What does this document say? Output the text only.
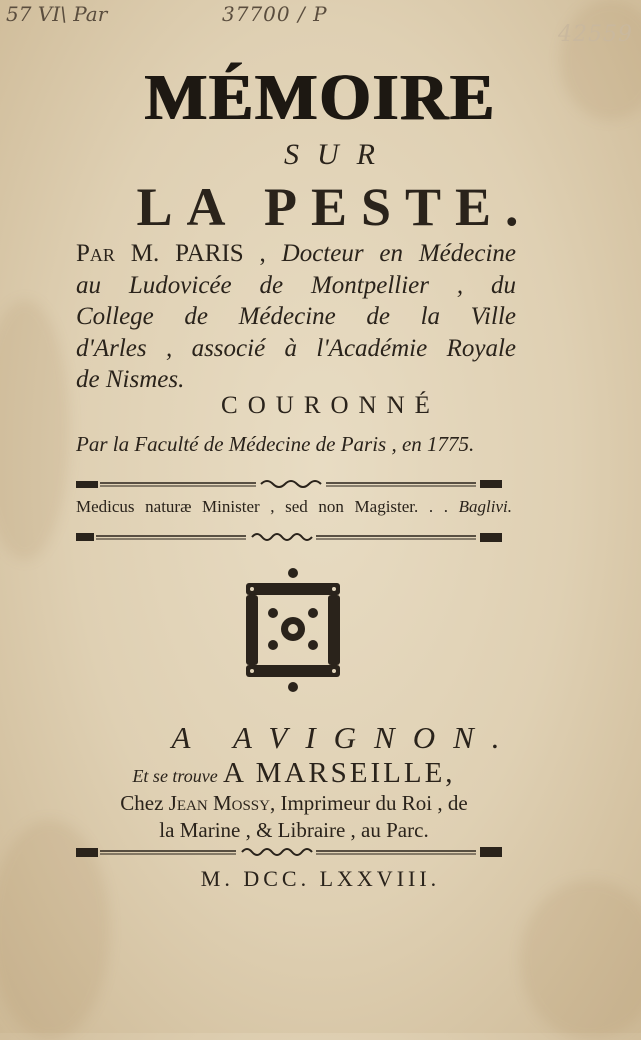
57 VI\ Par	37700 / P
42559
MÉMOIRE
SUR
LA PESTE.
Par M. PARIS , Docteur en Médecine
au Ludovicée de Montpellier , du
College de Médecine de la Ville
d'Arles , associé à l'Académie Royale
de Nismes.
COURONNÉ
Par la Faculté de Médecine de Paris , en 1775.
Medicus naturæ Minister , sed non Magister. . . Baglivi.
A AVIGNON.
Et se trouve A MARSEILLE,
Chez Jean Mossy, Imprimeur du Roi , de
la Marine , & Libraire , au Parc.
M. DCC. LXXVIII.
